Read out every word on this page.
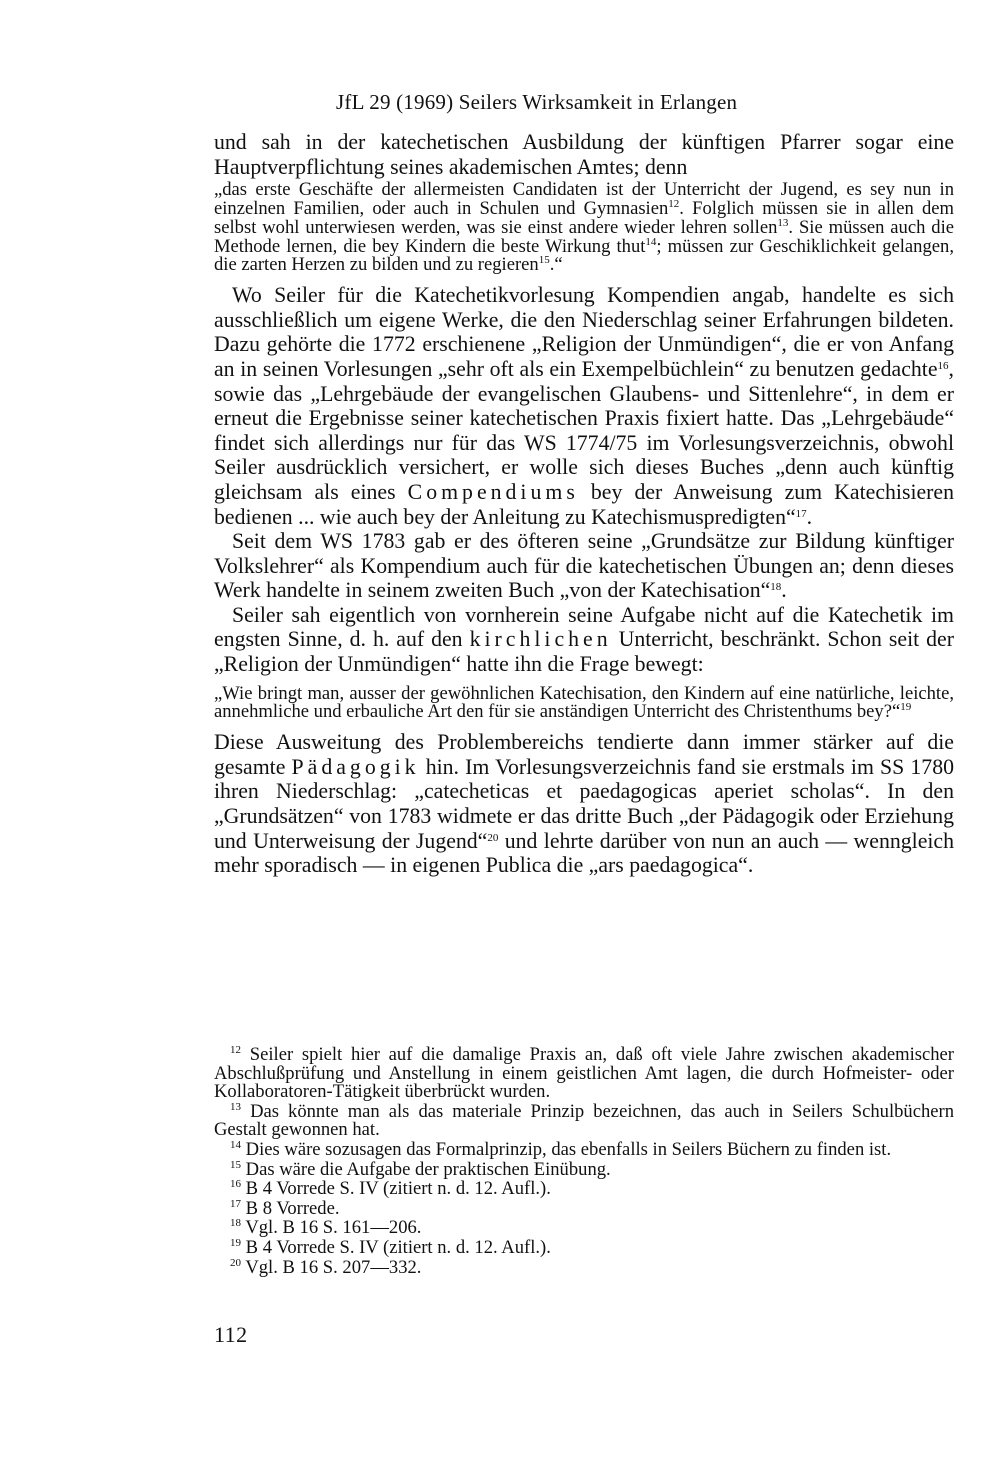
JfL 29 (1969) Seilers Wirksamkeit in Erlangen

und sah in der katechetischen Ausbildung der künftigen Pfarrer sogar eine Hauptverpflichtung seines akademischen Amtes; denn

„das erste Geschäfte der allermeisten Candidaten ist der Unterricht der Jugend, es sey nun in einzelnen Familien, oder auch in Schulen und Gymnasien$^{12}$. Folglich müssen sie in allen dem selbst wohl unterwiesen werden, was sie einst andere wieder lehren sollen$^{13}$. Sie müssen auch die Methode lernen, die bey Kindern die beste Wirkung thut$^{14}$; müssen zur Geschiklichkeit gelangen, die zarten Herzen zu bilden und zu regieren$^{15}$.“

Wo Seiler für die Katechetikvorlesung Kompendien angab, handelte es sich ausschließlich um eigene Werke, die den Niederschlag seiner Erfahrungen bildeten. Dazu gehörte die 1772 erschienene „Religion der Unmündigen“, die er von Anfang an in seinen Vorlesungen „sehr oft als ein Exempelbüchlein“ zu benutzen gedachte$^{16}$, sowie das „Lehrgebäude der evangelischen Glaubens- und Sittenlehre“, in dem er erneut die Ergebnisse seiner katechetischen Praxis fixiert hatte. Das „Lehrgebäude“ findet sich allerdings nur für das WS 1774/75 im Vorlesungsverzeichnis, obwohl Seiler ausdrücklich versichert, er wolle sich dieses Buches „denn auch künftig gleichsam als eines Compendiums bey der Anweisung zum Katechisieren bedienen ... wie auch bey der Anleitung zu Katechismuspredigten“$^{17}$.

Seit dem WS 1783 gab er des öfteren seine „Grundsätze zur Bildung künftiger Volkslehrer“ als Kompendium auch für die katechetischen Übungen an; denn dieses Werk handelte in seinem zweiten Buch „von der Katechisation“$^{18}$.

Seiler sah eigentlich von vornherein seine Aufgabe nicht auf die Katechetik im engsten Sinne, d. h. auf den kirchlichen Unterricht, beschränkt. Schon seit der „Religion der Unmündigen“ hatte ihn die Frage bewegt:

„Wie bringt man, ausser der gewöhnlichen Katechisation, den Kindern auf eine natürliche, leichte, annehmliche und erbauliche Art den für sie anständigen Unterricht des Christenthums bey?“$^{19}$

Diese Ausweitung des Problembereichs tendierte dann immer stärker auf die gesamte Pädagogik hin. Im Vorlesungsverzeichnis fand sie erstmals im SS 1780 ihren Niederschlag: „catecheticas et paedagogicas aperiet scholas“. In den „Grundsätzen“ von 1783 widmete er das dritte Buch „der Pädagogik oder Erziehung und Unterweisung der Jugend“$^{20}$ und lehrte darüber von nun an auch — wenngleich mehr sporadisch — in eigenen Publica die „ars paedagogica“.

$^{12}$ Seiler spielt hier auf die damalige Praxis an, daß oft viele Jahre zwischen akademischer Abschlußprüfung und Anstellung in einem geistlichen Amt lagen, die durch Hofmeister- oder Kollaboratoren-Tätigkeit überbrückt wurden.

$^{13}$ Das könnte man als das materiale Prinzip bezeichnen, das auch in Seilers Schulbüchern Gestalt gewonnen hat.

$^{14}$ Dies wäre sozusagen das Formalprinzip, das ebenfalls in Seilers Büchern zu finden ist.

$^{15}$ Das wäre die Aufgabe der praktischen Einübung.

$^{16}$ B 4 Vorrede S. IV (zitiert n. d. 12. Aufl.).

$^{17}$ B 8 Vorrede.

$^{18}$ Vgl. B 16 S. 161—206.

$^{19}$ B 4 Vorrede S. IV (zitiert n. d. 12. Aufl.).

$^{20}$ Vgl. B 16 S. 207—332.

112
